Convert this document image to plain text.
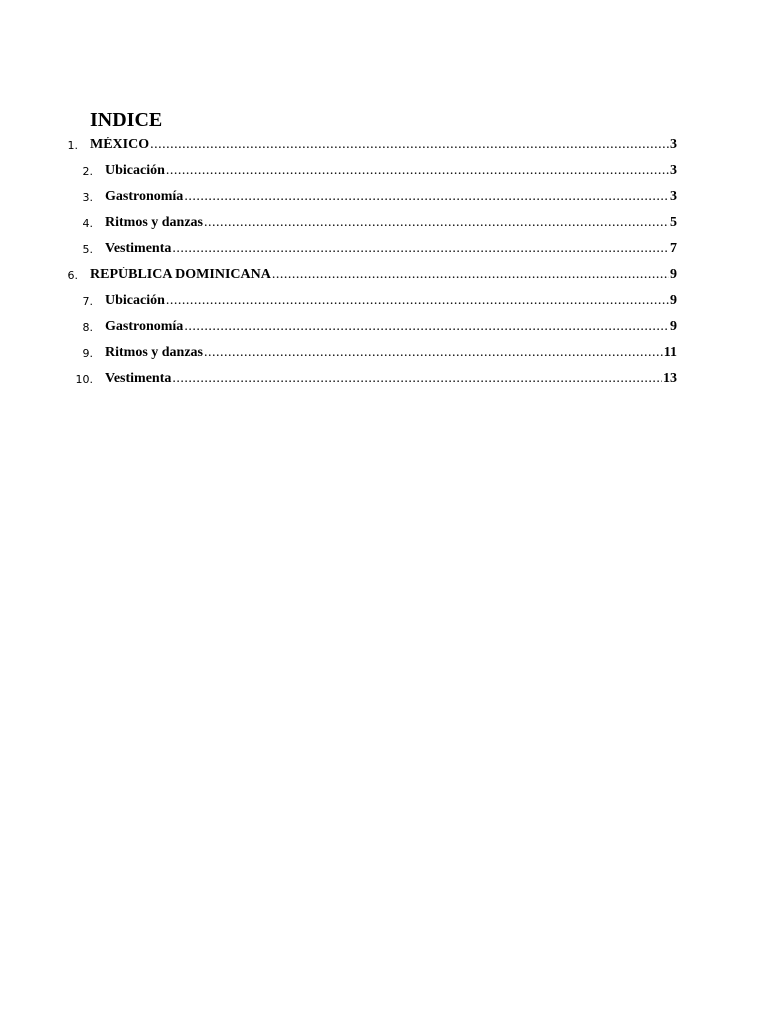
INDICE
1. MÉXICO .....	3
2. Ubicación .....	3
3. Gastronomía .....	3
4. Ritmos y danzas .....	5
5. Vestimenta .....	7
6. REPÚBLICA DOMINICANA .....	9
7. Ubicación .....	9
8. Gastronomía .....	9
9. Ritmos y danzas .....	11
10. Vestimenta .....	13
